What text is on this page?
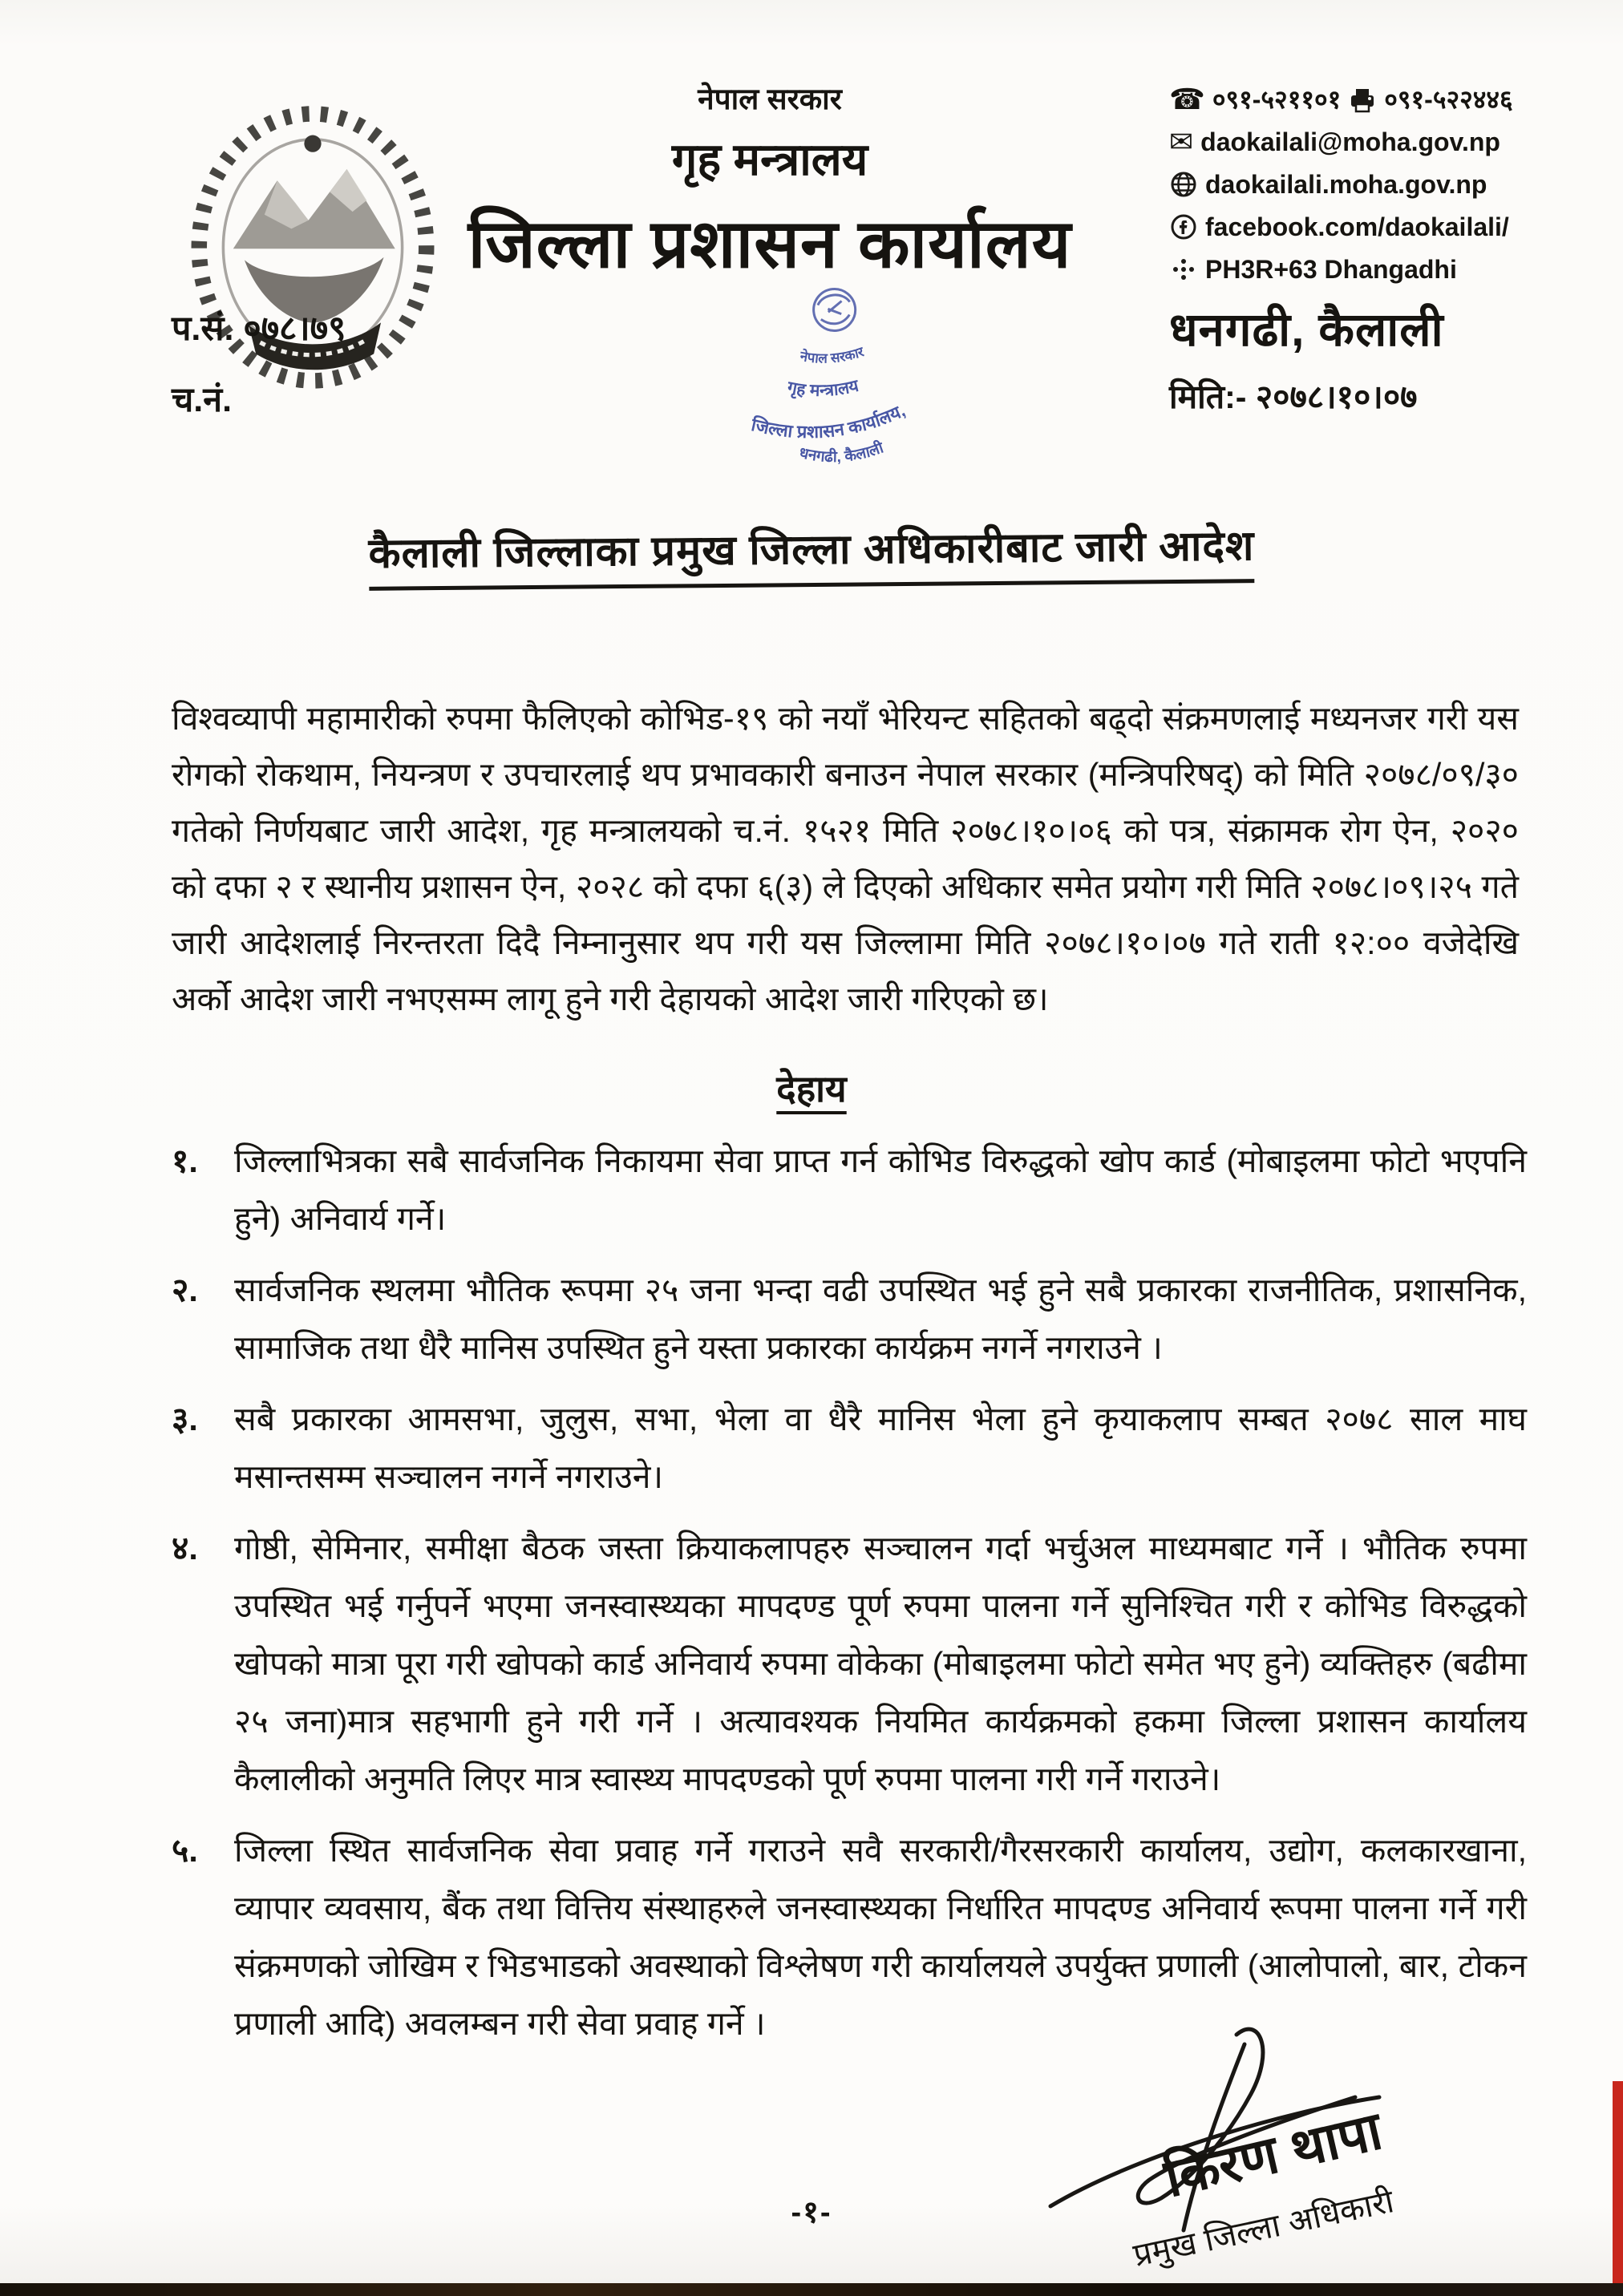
नेपाल सरकार
गृह मन्त्रालय
जिल्ला प्रशासन कार्यालय
☎ ०९१-५२११०१ ०९१-५२२४४६
✉ daokailali@moha.gov.np
daokailali.moha.gov.np
facebook.com/daokailali/
PH3R+63 Dhangadhi
धनगढी, कैलाली
मिति:- २०७८।१०।०७
प.सं. ०७८।७९
च.नं.
नेपाल सरकार
गृह मन्त्रालय
जिल्ला प्रशासन कार्यालय,
धनगढी, कैलाली
कैलाली जिल्लाका प्रमुख जिल्ला अधिकारीबाट जारी आदेश

विश्वव्यापी महामारीको रुपमा फैलिएको कोभिड-१९ को नयाँ भेरियन्ट सहितको बढ्दो संक्रमणलाई मध्यनजर गरी यस रोगको रोकथाम, नियन्त्रण र उपचारलाई थप प्रभावकारी बनाउन नेपाल सरकार (मन्त्रिपरिषद्) को मिति २०७८/०९/३० गतेको निर्णयबाट जारी आदेश, गृह मन्त्रालयको च.नं. १५२१ मिति २०७८।१०।०६ को पत्र, संक्रामक रोग ऐन, २०२० को दफा २ र स्थानीय प्रशासन ऐन, २०२८ को दफा ६(३) ले दिएको अधिकार समेत प्रयोग गरी मिति २०७८।०९।२५ गते जारी आदेशलाई निरन्तरता दिदै निम्नानुसार थप गरी यस जिल्लामा मिति २०७८।१०।०७ गते राती १२:०० वजेदेखि अर्को आदेश जारी नभएसम्म लागू हुने गरी देहायको आदेश जारी गरिएको छ।

देहाय
१.	जिल्लाभित्रका सबै सार्वजनिक निकायमा सेवा प्राप्त गर्न कोभिड विरुद्धको खोप कार्ड (मोबाइलमा फोटो भएपनि हुने) अनिवार्य गर्ने।
२.	सार्वजनिक स्थलमा भौतिक रूपमा २५ जना भन्दा वढी उपस्थित भई हुने सबै प्रकारका राजनीतिक, प्रशासनिक, सामाजिक तथा धैरै मानिस उपस्थित हुने यस्ता प्रकारका कार्यक्रम नगर्ने नगराउने ।
३.	सबै प्रकारका आमसभा, जुलुस, सभा, भेला वा धैरै मानिस भेला हुने कृयाकलाप सम्बत २०७८ साल माघ मसान्तसम्म सञ्चालन नगर्ने नगराउने।
४.	गोष्ठी, सेमिनार, समीक्षा बैठक जस्ता क्रियाकलापहरु सञ्चालन गर्दा भर्चुअल माध्यमबाट गर्ने । भौतिक रुपमा उपस्थित भई गर्नुपर्ने भएमा जनस्वास्थ्यका मापदण्ड पूर्ण रुपमा पालना गर्ने सुनिश्चित गरी र कोभिड विरुद्धको खोपको मात्रा पूरा गरी खोपको कार्ड अनिवार्य रुपमा वोकेका (मोबाइलमा फोटो समेत भए हुने) व्यक्तिहरु (बढीमा २५ जना)मात्र सहभागी हुने गरी गर्ने । अत्यावश्यक नियमित कार्यक्रमको हकमा जिल्ला प्रशासन कार्यालय कैलालीको अनुमति लिएर मात्र स्वास्थ्य मापदण्डको पूर्ण रुपमा पालना गरी गर्ने गराउने।
५.	जिल्ला स्थित सार्वजनिक सेवा प्रवाह गर्ने गराउने सवै सरकारी/गैरसरकारी कार्यालय, उद्योग, कलकारखाना, व्यापार व्यवसाय, बैंक तथा वित्तिय संस्थाहरुले जनस्वास्थ्यका निर्धारित मापदण्ड अनिवार्य रूपमा पालना गर्ने गरी संक्रमणको जोखिम र भिडभाडको अवस्थाको विश्लेषण गरी कार्यालयले उपर्युक्त प्रणाली (आलोपालो, बार, टोकन प्रणाली आदि) अवलम्बन गरी सेवा प्रवाह गर्ने ।
किरण थापा
प्रमुख जिल्ला अधिकारी
-१-
